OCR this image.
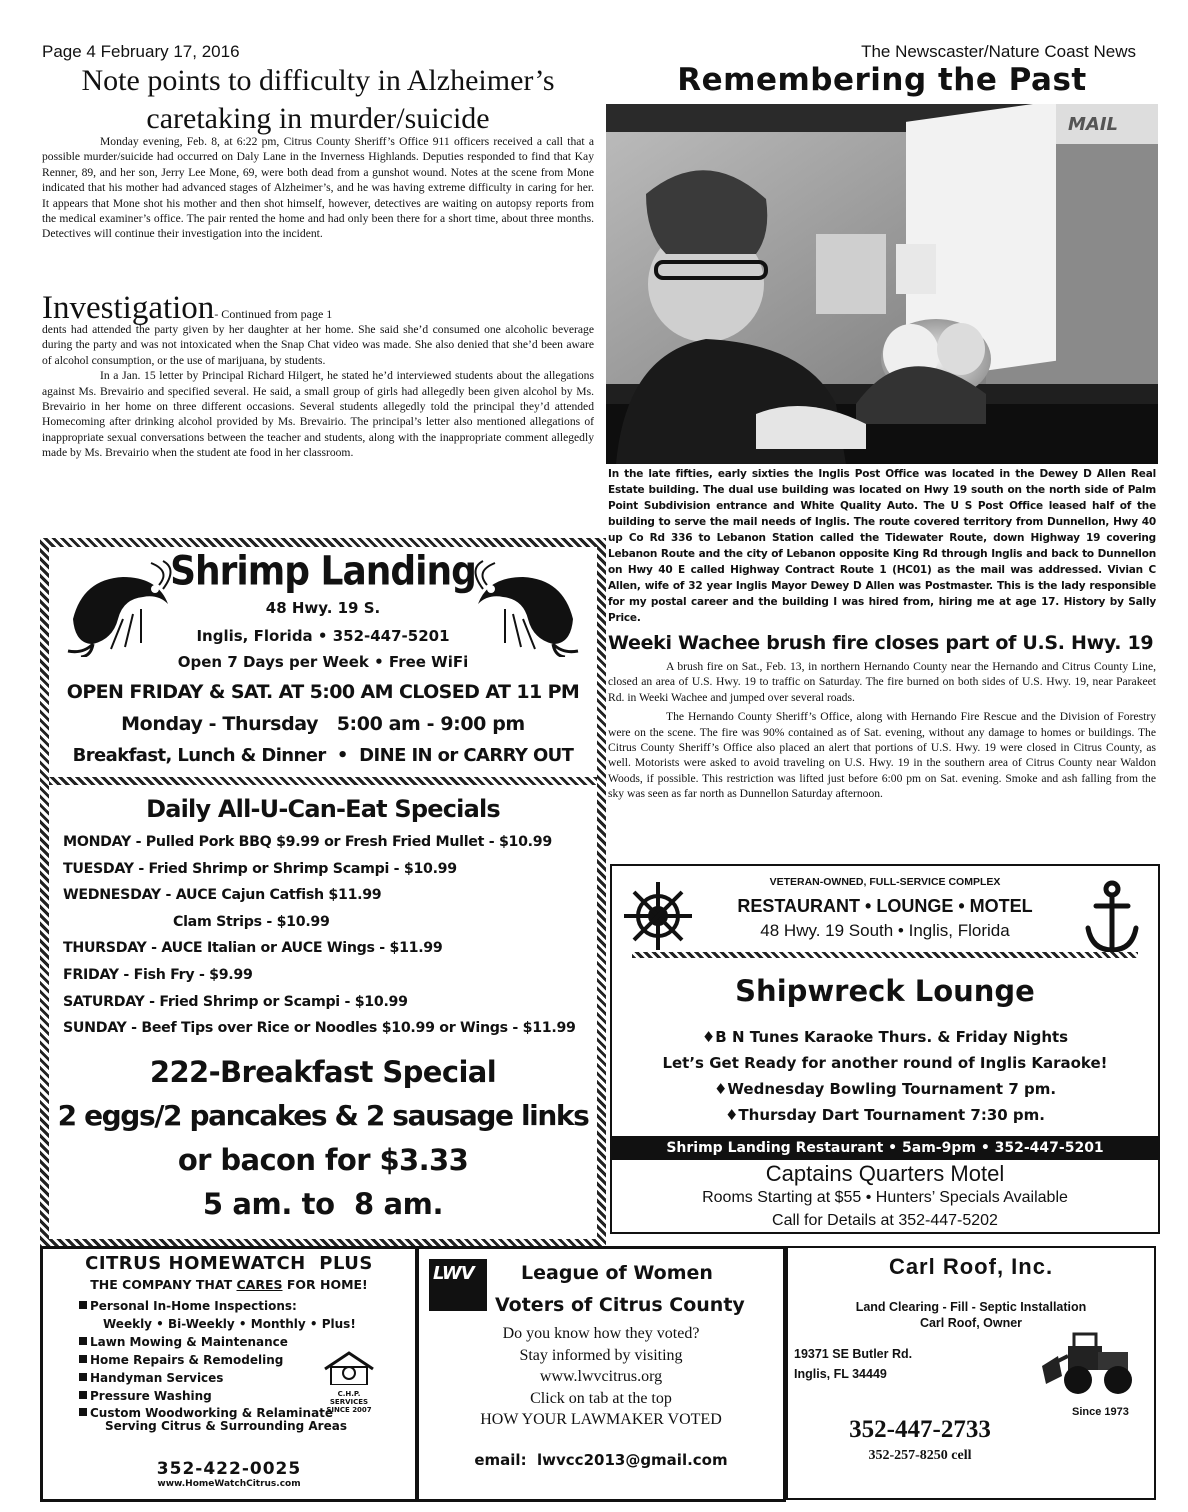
Page 4 February 17, 2016	The Newscaster/Nature Coast News
Note points to difficulty in Alzheimer’s
caretaking in murder/suicide

Monday evening, Feb. 8, at 6:22 pm, Citrus County Sheriff’s Office 911 officers received a call that a possible murder/suicide had occurred on Daly Lane in the Inverness Highlands. Deputies responded to find that Kay Renner, 89, and her son, Jerry Lee Mone, 69, were both dead from a gunshot wound. Notes at the scene from Mone indicated that his mother had advanced stages of Alzheimer’s, and he was having extreme difficulty in caring for her. It appears that Mone shot his mother and then shot himself, however, detectives are waiting on autopsy reports from the medical examiner’s office. The pair rented the home and had only been there for a short time, about three months. Detectives will continue their investigation into the incident.

Investigation- Continued from page 1

dents had attended the party given by her daughter at her home. She said she’d consumed one alcoholic beverage during the party and was not intoxicated when the Snap Chat video was made. She also denied that she’d been aware of alcohol consumption, or the use of marijuana, by students.

In a Jan. 15 letter by Principal Richard Hilgert, he stated he’d interviewed students about the allegations against Ms. Brevairio and specified several. He said, a small group of girls had allegedly been given alcohol by Ms. Brevairio in her home on three different occasions. Several students allegedly told the principal they’d attended Homecoming after drinking alcohol provided by Ms. Brevairio. The principal’s letter also mentioned allegations of inappropriate sexual conversations between the teacher and students, along with the inappropriate comment allegedly made by Ms. Brevairio when the student ate food in her classroom.

Remembering the Past
MAIL
In the late fifties, early sixties the Inglis Post Office was located in the Dewey D Allen Real Estate building. The dual use building was located on Hwy 19 south on the north side of Palm Point Subdivision entrance and White Quality Auto. The U S Post Office leased half of the building to serve the mail needs of Inglis. The route covered territory from Dunnellon, Hwy 40 up Co Rd 336 to Lebanon Station called the Tidewater Route, down Highway 19 covering Lebanon Route and the city of Lebanon opposite King Rd through Inglis and back to Dunnellon on Hwy 40 E called Highway Contract Route 1 (HC01) as the mail was addressed. Vivian C Allen, wife of 32 year Inglis Mayor Dewey D Allen was Postmaster. This is the lady responsible for my postal career and the building I was hired from, hiring me at age 17. History by Sally Price.
Weeki Wachee brush fire closes part of U.S. Hwy. 19

A brush fire on Sat., Feb. 13, in northern Hernando County near the Hernando and Citrus County Line, closed an area of U.S. Hwy. 19 to traffic on Saturday. The fire burned on both sides of U.S. Hwy. 19, near Parakeet Rd. in Weeki Wachee and jumped over several roads.

The Hernando County Sheriff’s Office, along with Hernando Fire Rescue and the Division of Forestry were on the scene. The fire was 90% contained as of Sat. evening, without any damage to homes or buildings. The Citrus County Sheriff’s Office also placed an alert that portions of U.S. Hwy. 19 were closed in Citrus County, as well. Motorists were asked to avoid traveling on U.S. Hwy. 19 in the southern area of Citrus County near Waldon Woods, if possible. This restriction was lifted just before 6:00 pm on Sat. evening. Smoke and ash falling from the sky was seen as far north as Dunnellon Saturday afternoon.

Shrimp Landing
48 Hwy. 19 S.
Inglis, Florida • 352-447-5201
Open 7 Days per Week • Free WiFi
OPEN FRIDAY & SAT. AT 5:00 AM CLOSED AT 11 PM
Monday - Thursday   5:00 am - 9:00 pm
Breakfast, Lunch & Dinner  •  DINE IN or CARRY OUT
Daily All-U-Can-Eat Specials
MONDAY - Pulled Pork BBQ $9.99 or Fresh Fried Mullet - $10.99
TUESDAY - Fried Shrimp or Shrimp Scampi - $10.99
WEDNESDAY - AUCE Cajun Catfish $11.99
Clam Strips - $10.99
THURSDAY - AUCE Italian or AUCE Wings - $11.99
FRIDAY - Fish Fry - $9.99
SATURDAY - Fried Shrimp or Scampi - $10.99
SUNDAY - Beef Tips over Rice or Noodles $10.99 or Wings - $11.99
222-Breakfast Special
2 eggs/2 pancakes & 2 sausage links
or bacon for $3.33
5 am. to  8 am.
VETERAN-OWNED, FULL-SERVICE COMPLEX
RESTAURANT • LOUNGE • MOTEL
48 Hwy. 19 South • Inglis, Florida
Shipwreck Lounge
♦B N Tunes Karaoke Thurs. & Friday Nights
Let’s Get Ready for another round of Inglis Karaoke!
♦Wednesday Bowling Tournament 7 pm.
♦Thursday Dart Tournament 7:30 pm.
Shrimp Landing Restaurant • 5am-9pm • 352-447-5201
Captains Quarters Motel
Rooms Starting at $55 • Hunters’ Specials Available
Call for Details at 352-447-5202
CITRUS HOMEWATCH  PLUS
THE COMPANY THAT CARES FOR HOME!
Personal In-Home Inspections:
Weekly • Bi-Weekly • Monthly • Plus!
Lawn Mowing & Maintenance
Home Repairs & Remodeling
Handyman Services
Pressure Washing
Custom Woodworking & Relaminate
Serving Citrus & Surrounding Areas
C.H.P. SERVICES
SINCE 2007
352-422-0025
www.HomeWatchCitrus.com
LWV	League of Women
Voters of Citrus County
Do you know how they voted?
Stay informed by visiting
www.lwvcitrus.org
Click on tab at the top
HOW YOUR LAWMAKER VOTED
email:  lwvcc2013@gmail.com
Carl Roof, Inc.
Land Clearing - Fill - Septic Installation
Carl Roof, Owner
19371 SE Butler Rd.
Inglis, FL 34449
Since 1973
352-447-2733
352-257-8250 cell
